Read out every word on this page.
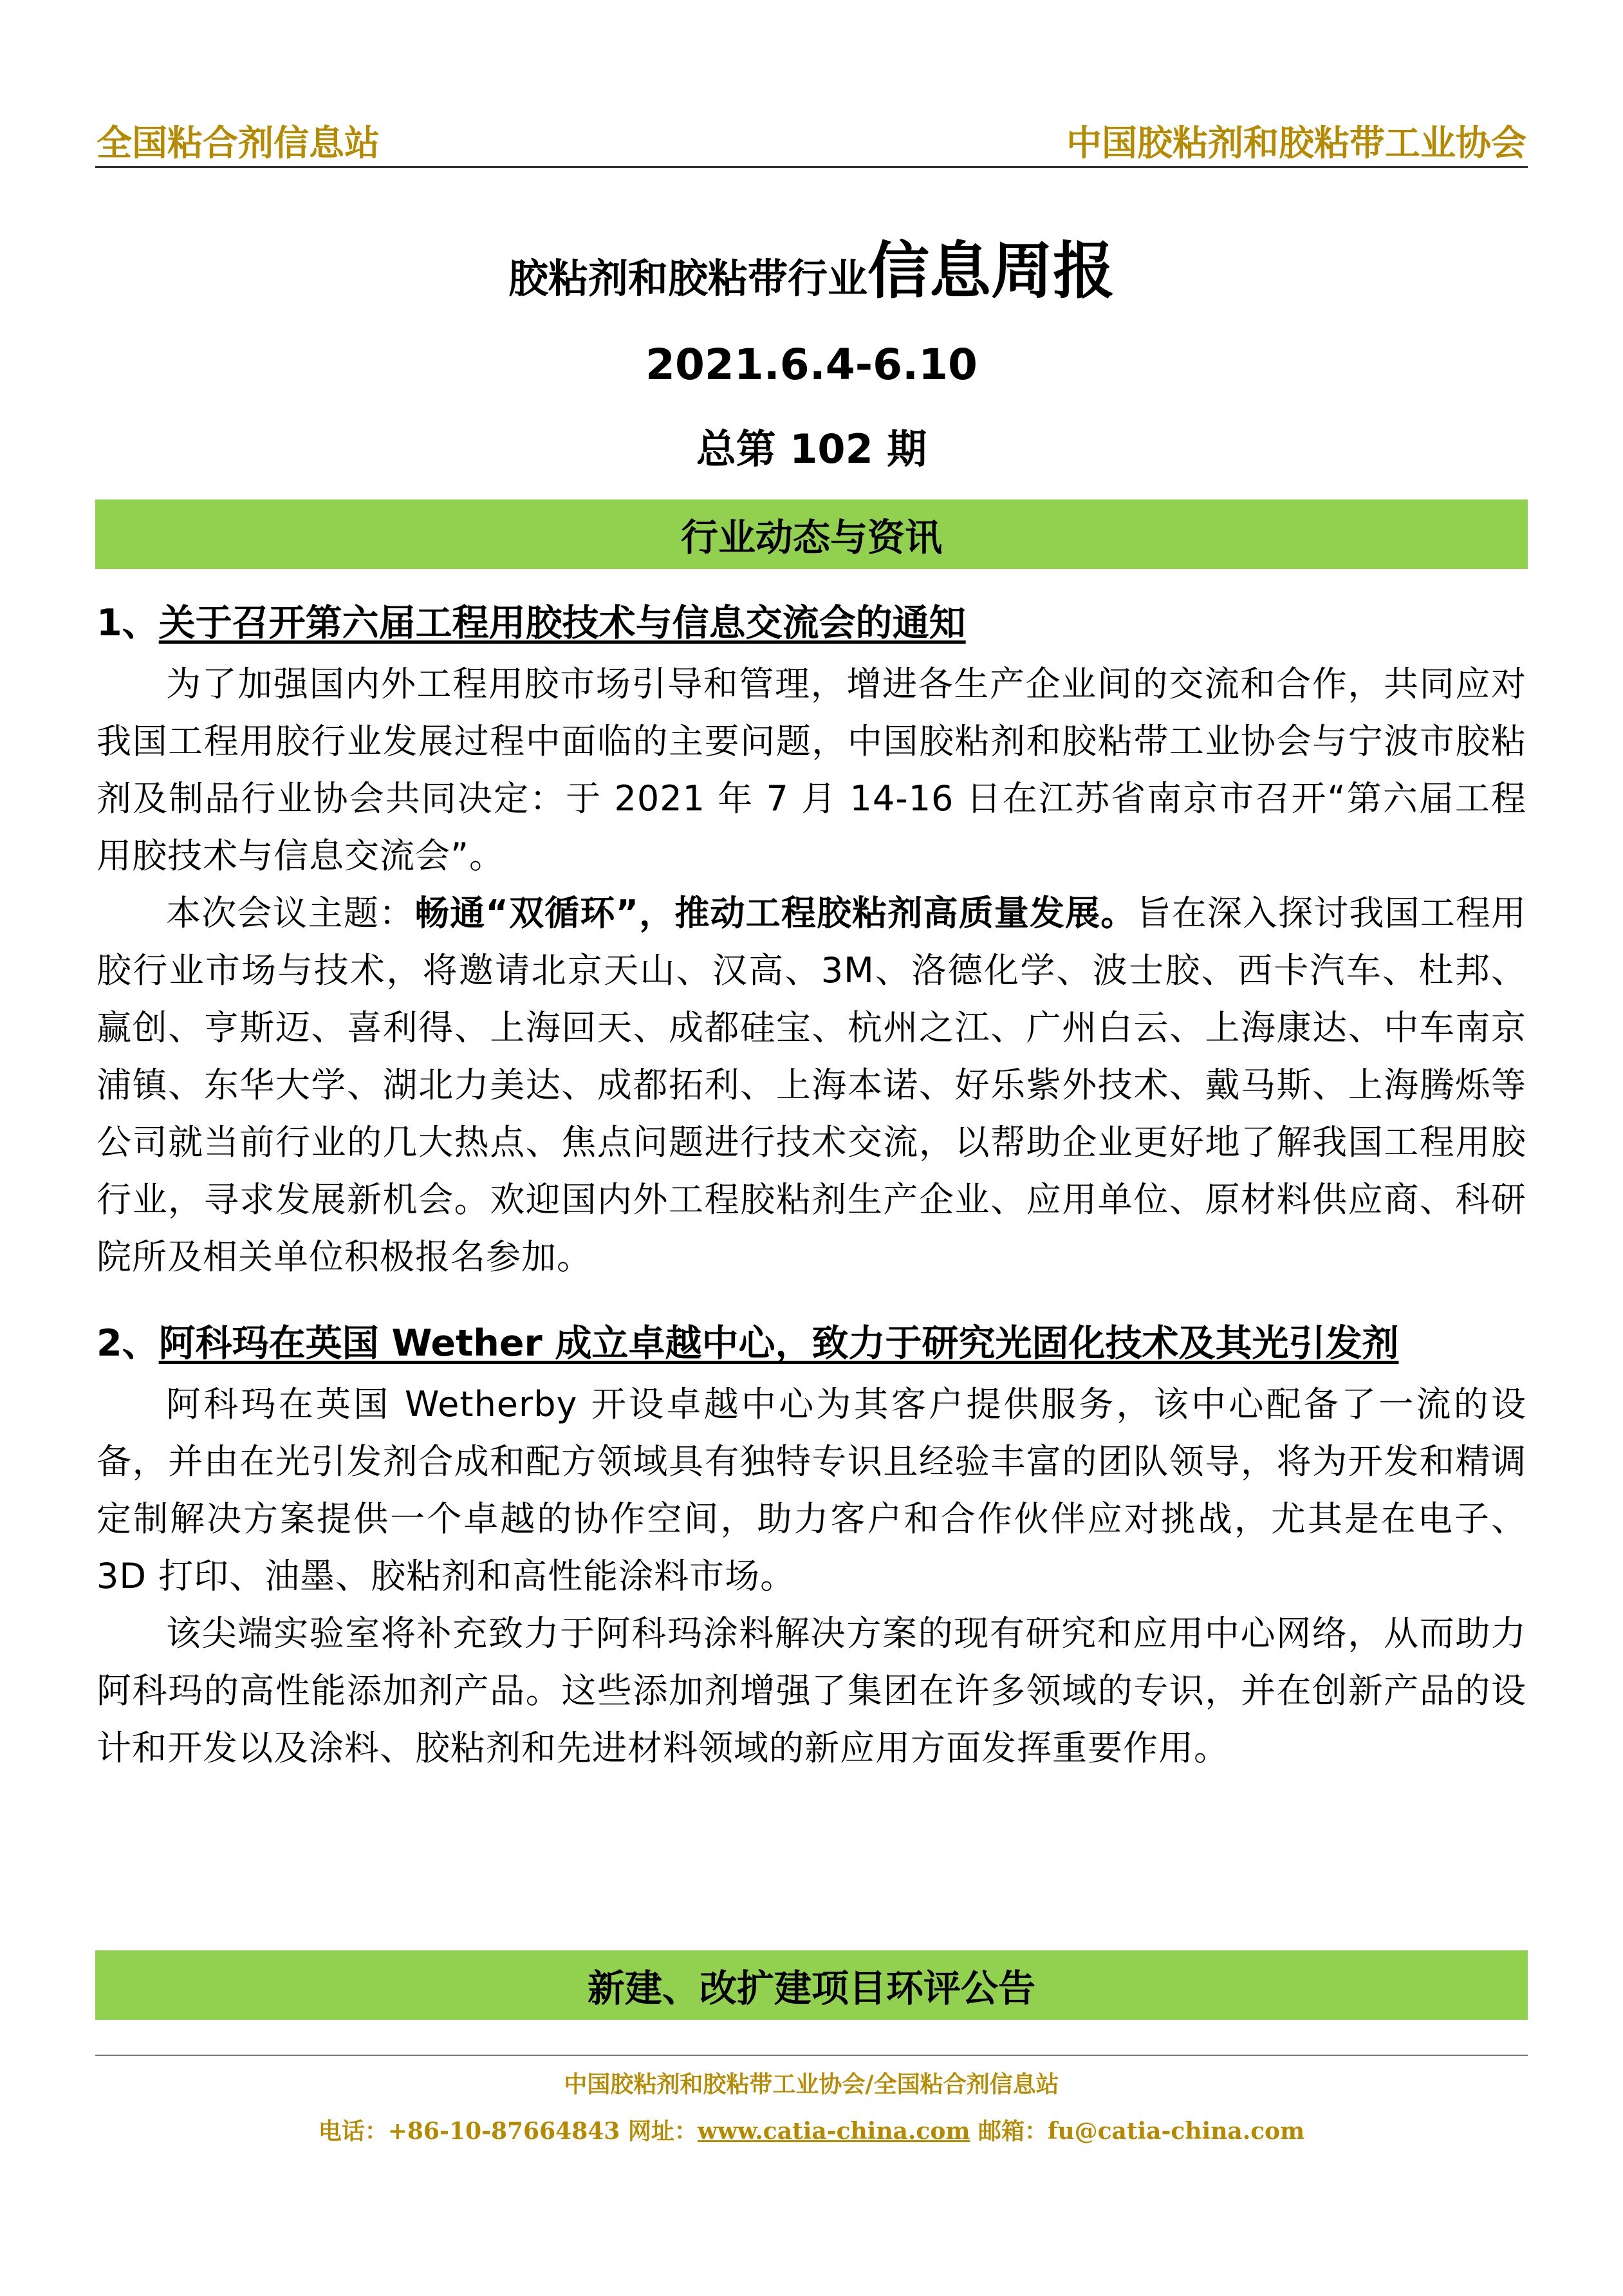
全国粘合剂信息站	中国胶粘剂和胶粘带工业协会
胶粘剂和胶粘带行业信息周报
2021.6.4-6.10
总第 102 期
行业动态与资讯
1、关于召开第六届工程用胶技术与信息交流会的通知

为了加强国内外工程用胶市场引导和管理，增进各生产企业间的交流和合作，共同应对我国工程用胶行业发展过程中面临的主要问题，中国胶粘剂和胶粘带工业协会与宁波市胶粘剂及制品行业协会共同决定：于 2021 年 7 月 14-16 日在江苏省南京市召开“第六届工程用胶技术与信息交流会”。

本次会议主题：畅通“双循环”，推动工程胶粘剂高质量发展。旨在深入探讨我国工程用胶行业市场与技术，将邀请北京天山、汉高、3M、洛德化学、波士胶、西卡汽车、杜邦、赢创、亨斯迈、喜利得、上海回天、成都硅宝、杭州之江、广州白云、上海康达、中车南京浦镇、东华大学、湖北力美达、成都拓利、上海本诺、好乐紫外技术、戴马斯、上海腾烁等公司就当前行业的几大热点、焦点问题进行技术交流，以帮助企业更好地了解我国工程用胶行业，寻求发展新机会。欢迎国内外工程胶粘剂生产企业、应用单位、原材料供应商、科研院所及相关单位积极报名参加。

2、阿科玛在英国 Wether 成立卓越中心，致力于研究光固化技术及其光引发剂

阿科玛在英国 Wetherby 开设卓越中心为其客户提供服务，该中心配备了一流的设备，并由在光引发剂合成和配方领域具有独特专识且经验丰富的团队领导，将为开发和精调定制解决方案提供一个卓越的协作空间，助力客户和合作伙伴应对挑战，尤其是在电子、3D 打印、油墨、胶粘剂和高性能涂料市场。

该尖端实验室将补充致力于阿科玛涂料解决方案的现有研究和应用中心网络，从而助力阿科玛的高性能添加剂产品。这些添加剂增强了集团在许多领域的专识，并在创新产品的设计和开发以及涂料、胶粘剂和先进材料领域的新应用方面发挥重要作用。

新建、改扩建项目环评公告
中国胶粘剂和胶粘带工业协会/全国粘合剂信息站
电话：+86-10-87664843 网址：www.catia-china.com 邮箱：fu@catia-china.com
